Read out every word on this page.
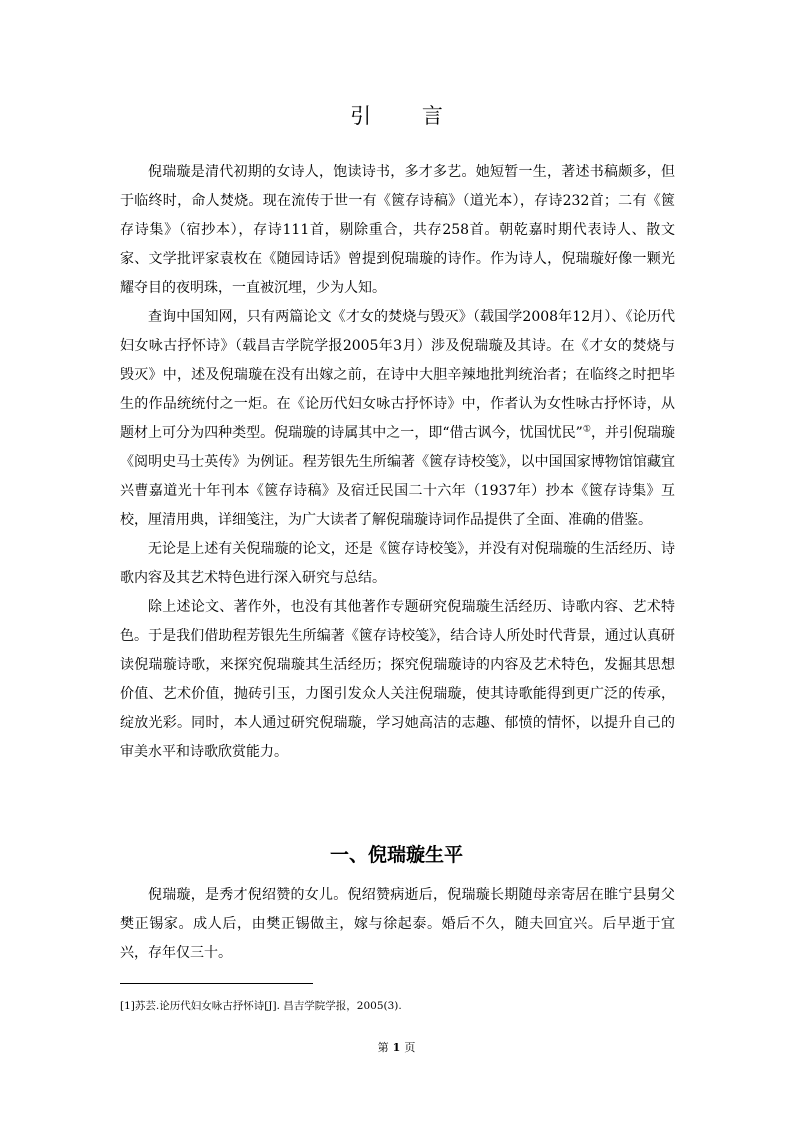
引 言

倪瑞璇是清代初期的女诗人，饱读诗书，多才多艺。她短暂一生，著述书稿颇多，但于临终时，命人焚烧。现在流传于世一有《篋存诗稿》（道光本），存诗232首；二有《篋存诗集》（宿抄本），存诗111首，剔除重合，共存258首。朝乾嘉时期代表诗人、散文家、文学批评家袁枚在《随园诗话》曾提到倪瑞璇的诗作。作为诗人，倪瑞璇好像一颗光耀夺目的夜明珠，一直被沉埋，少为人知。

查询中国知网，只有两篇论文《才女的焚烧与毁灭》（载国学2008年12月）、《论历代妇女咏古抒怀诗》（载昌吉学院学报2005年3月）涉及倪瑞璇及其诗。在《才女的焚烧与毁灭》中，述及倪瑞璇在没有出嫁之前，在诗中大胆辛辣地批判统治者；在临终之时把毕生的作品统统付之一炬。在《论历代妇女咏古抒怀诗》中，作者认为女性咏古抒怀诗，从题材上可分为四种类型。倪瑞璇的诗属其中之一，即“借古讽今，忧国忧民”①，并引倪瑞璇《阅明史马士英传》为例证。程芳银先生所编著《篋存诗校笺》，以中国国家博物馆馆藏宜兴曹嘉道光十年刊本《篋存诗稿》及宿迁民国二十六年（1937年）抄本《篋存诗集》互校，厘清用典，详细笺注，为广大读者了解倪瑞璇诗词作品提供了全面、准确的借鉴。

无论是上述有关倪瑞璇的论文，还是《篋存诗校笺》，并没有对倪瑞璇的生活经历、诗歌内容及其艺术特色进行深入研究与总结。

除上述论文、著作外，也没有其他著作专题研究倪瑞璇生活经历、诗歌内容、艺术特色。于是我们借助程芳银先生所编著《篋存诗校笺》，结合诗人所处时代背景，通过认真研读倪瑞璇诗歌，来探究倪瑞璇其生活经历；探究倪瑞璇诗的内容及艺术特色，发掘其思想价值、艺术价值，抛砖引玉，力图引发众人关注倪瑞璇，使其诗歌能得到更广泛的传承，绽放光彩。同时，本人通过研究倪瑞璇，学习她高洁的志趣、郁愤的情怀，以提升自己的审美水平和诗歌欣赏能力。

一、倪瑞璇生平

倪瑞璇，是秀才倪绍赞的女儿。倪绍赞病逝后，倪瑞璇长期随母亲寄居在睢宁县舅父樊正锡家。成人后，由樊正锡做主，嫁与徐起泰。婚后不久，随夫回宜兴。后早逝于宜兴，存年仅三十。

[1]苏芸.论历代妇女咏古抒怀诗[J]. 昌吉学院学报，2005(3).
第 1 页
